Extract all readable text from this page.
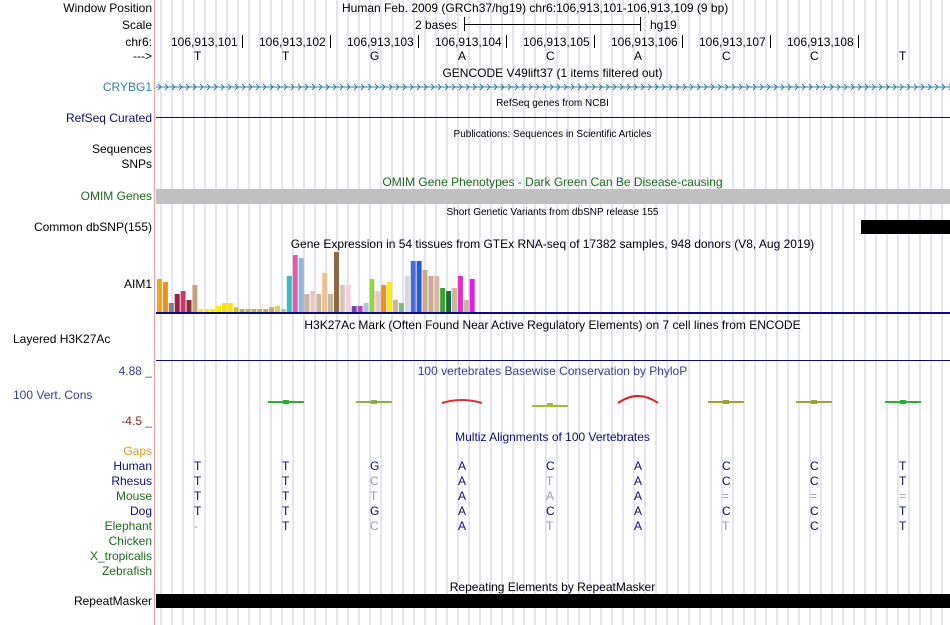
Window Position	Human Feb. 2009 (GRCh37/hg19) chr6:106,913,101-106,913,109 (9 bp)
Scale	2 bases	hg19
chr6: 106,913,101 106,913,102 106,913,103 106,913,104 106,913,105 106,913,106 106,913,107 106,913,108
--->	T	T	G	A	C	A	C	C	T
GENCODE V49lift37 (1 items filtered out)
CRYBG1
RefSeq genes from NCBI
RefSeq Curated
Publications: Sequences in Scientific Articles
Sequences
SNPs
OMIM Gene Phenotypes - Dark Green Can Be Disease-causing
OMIM Genes
Short Genetic Variants from dbSNP release 155
Common dbSNP(155)
Gene Expression in 54 tissues from GTEx RNA-seq of 17382 samples, 948 donors (V8, Aug 2019)
AIM1
H3K27Ac Mark (Often Found Near Active Regulatory Elements) on 7 cell lines from ENCODE
Layered H3K27Ac
100 vertebrates Basewise Conservation by PhyloP
4.88 _
100 Vert. Cons
-4.5 _
Multiz Alignments of 100 Vertebrates
Gaps
Human	T	T	G	A	C	A	C	C	T
Rhesus	T	T	C	A	T	A	C	C	T
Mouse	T	T	T	A	A	A	=	=	=
Dog	T	T	G	A	C	A	C	C	T
Elephant	-	T	C	A	T	A	T	C	T
Chicken
X_tropicalis
Zebrafish
Repeating Elements by RepeatMasker
RepeatMasker
